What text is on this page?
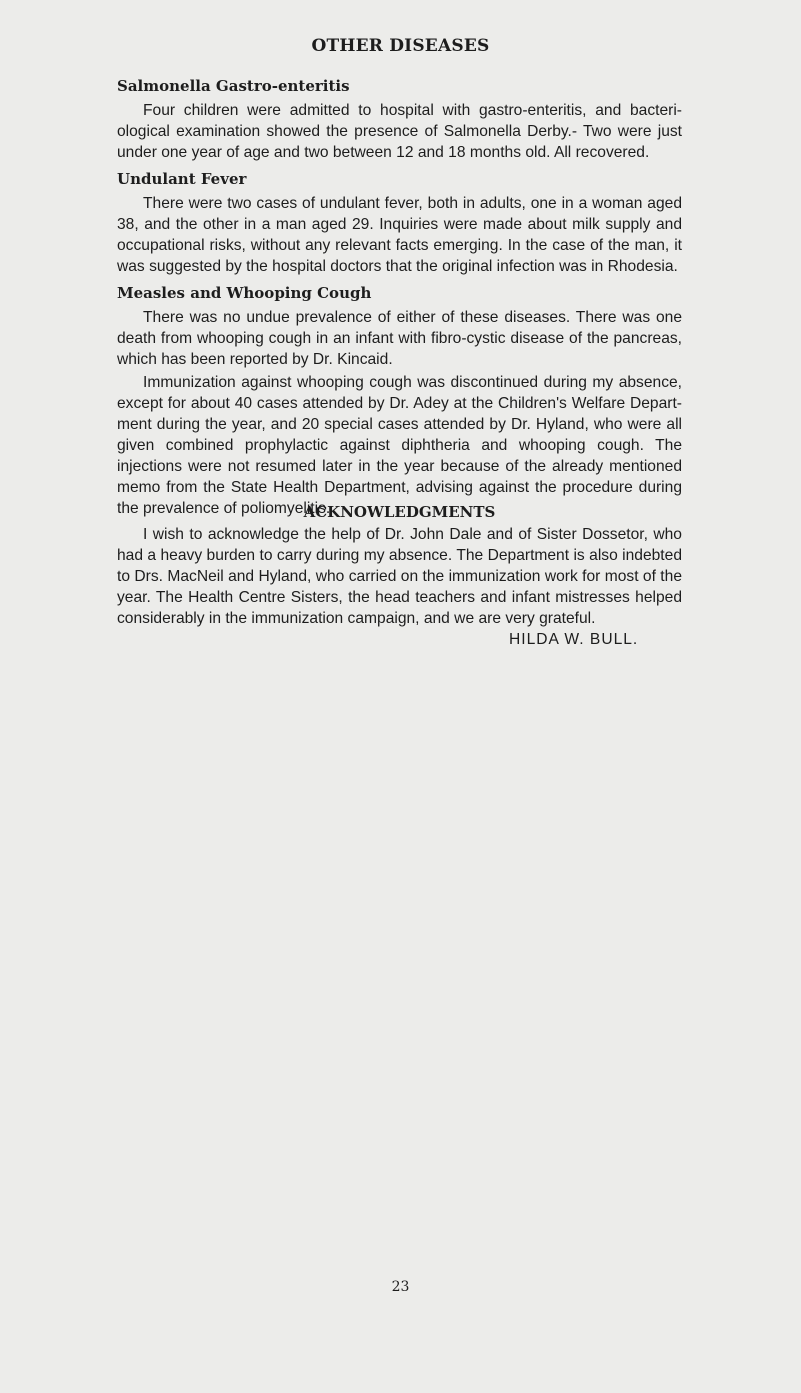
OTHER DISEASES
Salmonella Gastro-enteritis

Four children were admitted to hospital with gastro-enteritis, and bacteri- ological examination showed the presence of Salmonella Derby.- Two were just under one year of age and two between 12 and 18 months old. All recovered.

Undulant Fever

There were two cases of undulant fever, both in adults, one in a woman aged 38, and the other in a man aged 29. Inquiries were made about milk supply and occupational risks, without any relevant facts emerging. In the case of the man, it was suggested by the hospital doctors that the original infection was in Rhodesia.

Measles and Whooping Cough

There was no undue prevalence of either of these diseases. There was one death from whooping cough in an infant with fibro-cystic disease of the pancreas, which has been reported by Dr. Kincaid.

Immunization against whooping cough was discontinued during my absence, except for about 40 cases attended by Dr. Adey at the Children's Welfare Depart- ment during the year, and 20 special cases attended by Dr. Hyland, who were all given combined prophylactic against diphtheria and whooping cough. The injections were not resumed later in the year because of the already mentioned memo from the State Health Department, advising against the procedure during the prevalence of poliomyelitis.

ACKNOWLEDGMENTS

I wish to acknowledge the help of Dr. John Dale and of Sister Dossetor, who had a heavy burden to carry during my absence. The Department is also indebted to Drs. MacNeil and Hyland, who carried on the immunization work for most of the year. The Health Centre Sisters, the head teachers and infant mistresses helped considerably in the immunization campaign, and we are very grateful.

HILDA W. BULL.
23
